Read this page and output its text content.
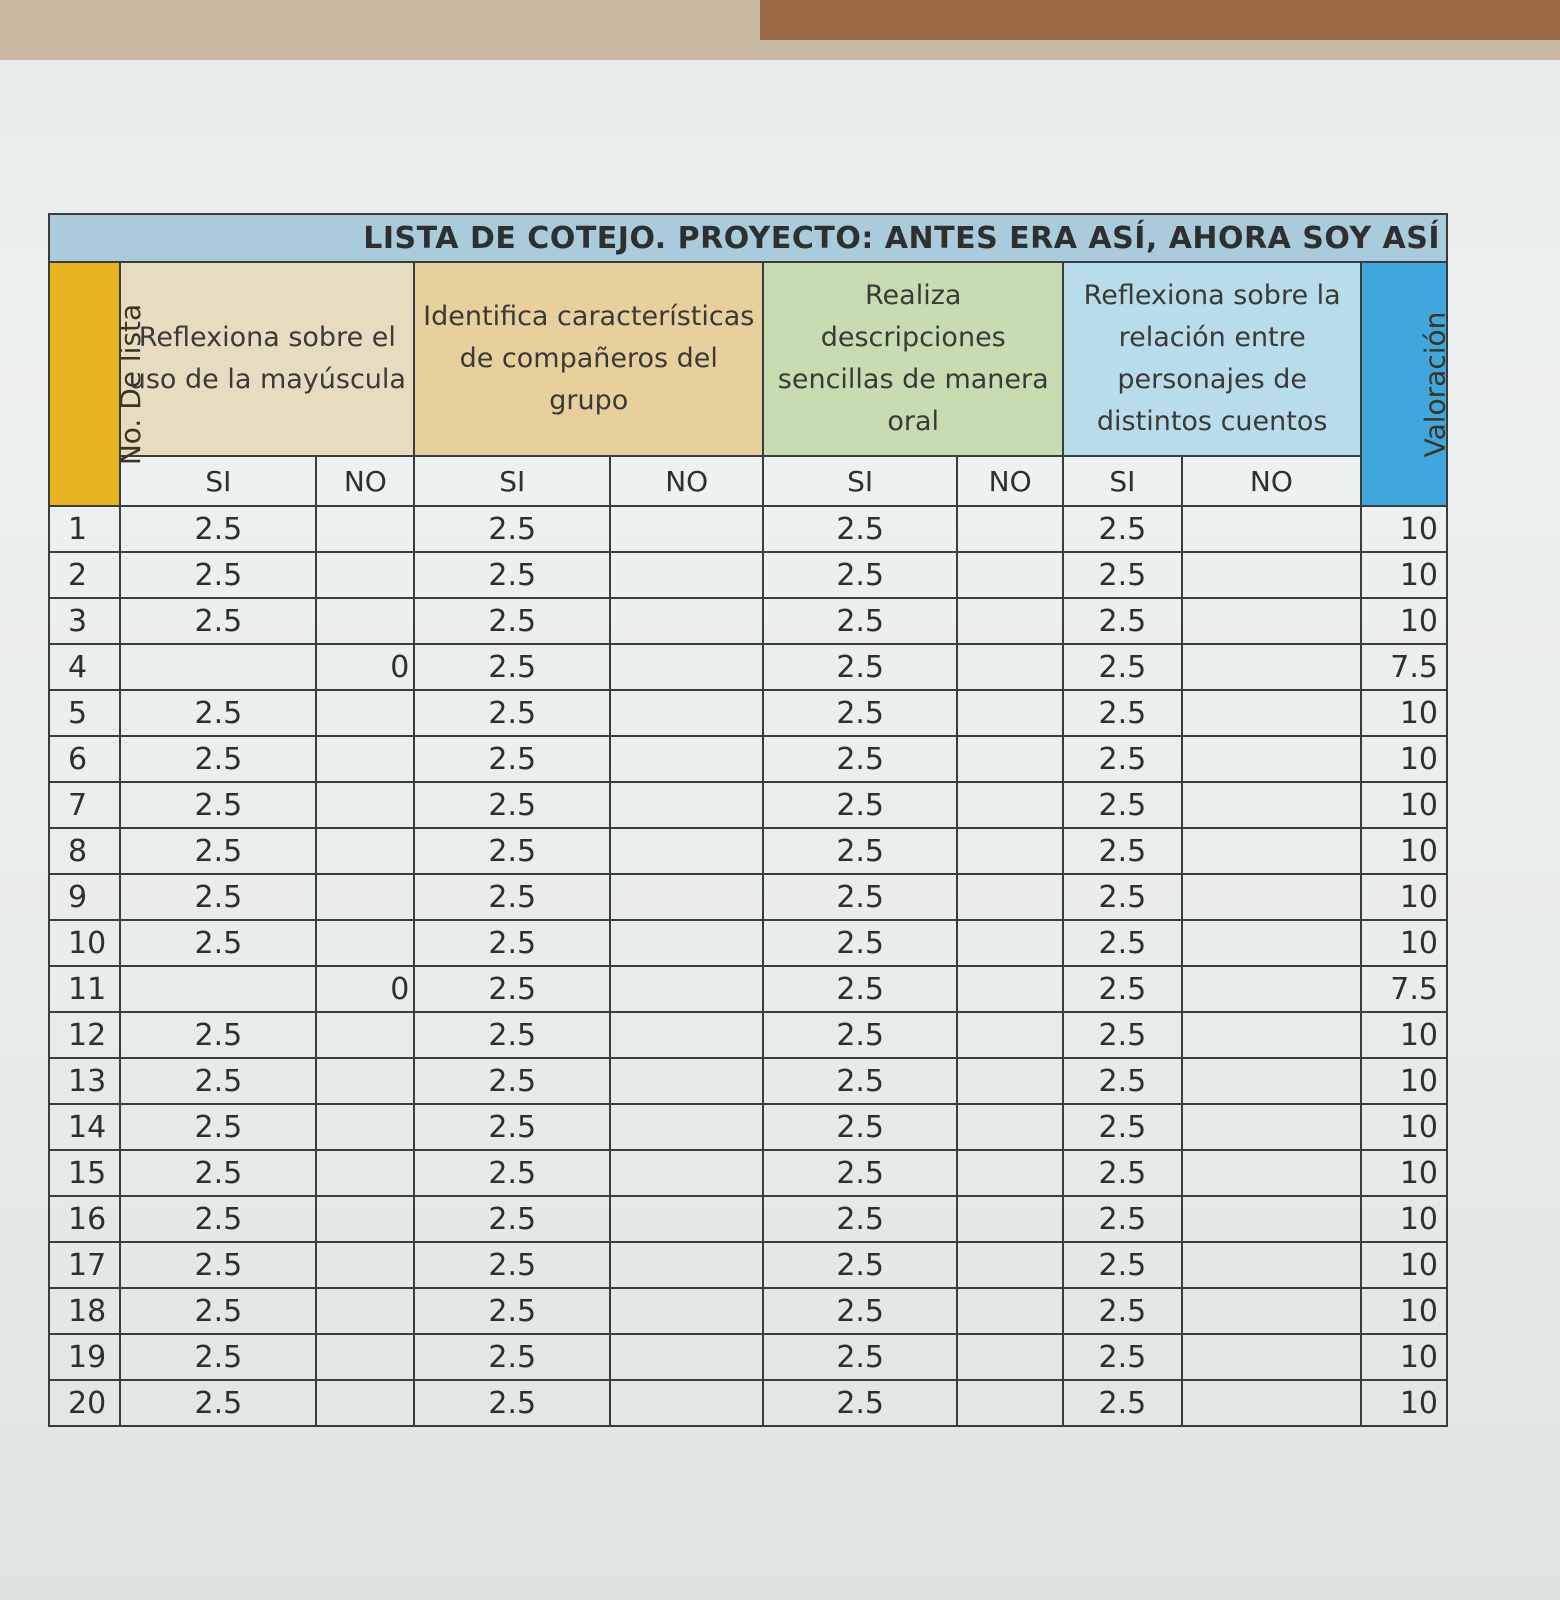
LISTA DE COTEJO. PROYECTO: ANTES ERA ASÍ, AHORA SOY ASÍ									
No. De lista	Reflexiona sobre el uso de la mayúscula		Identifica características de compañeros del grupo		Realiza descripciones sencillas de manera oral		Reflexiona sobre la relación entre personajes de distintos cuentos		Valoración
	SI	NO	SI	NO	SI	NO	SI	NO	
1	2.5		2.5		2.5		2.5		10
2	2.5		2.5		2.5		2.5		10
3	2.5		2.5		2.5		2.5		10
4		0	2.5		2.5		2.5		7.5
5	2.5		2.5		2.5		2.5		10
6	2.5		2.5		2.5		2.5		10
7	2.5		2.5		2.5		2.5		10
8	2.5		2.5		2.5		2.5		10
9	2.5		2.5		2.5		2.5		10
10	2.5		2.5		2.5		2.5		10
11		0	2.5		2.5		2.5		7.5
12	2.5		2.5		2.5		2.5		10
13	2.5		2.5		2.5		2.5		10
14	2.5		2.5		2.5		2.5		10
15	2.5		2.5		2.5		2.5		10
16	2.5		2.5		2.5		2.5		10
17	2.5		2.5		2.5		2.5		10
18	2.5		2.5		2.5		2.5		10
19	2.5		2.5		2.5		2.5		10
20	2.5		2.5		2.5		2.5		10
